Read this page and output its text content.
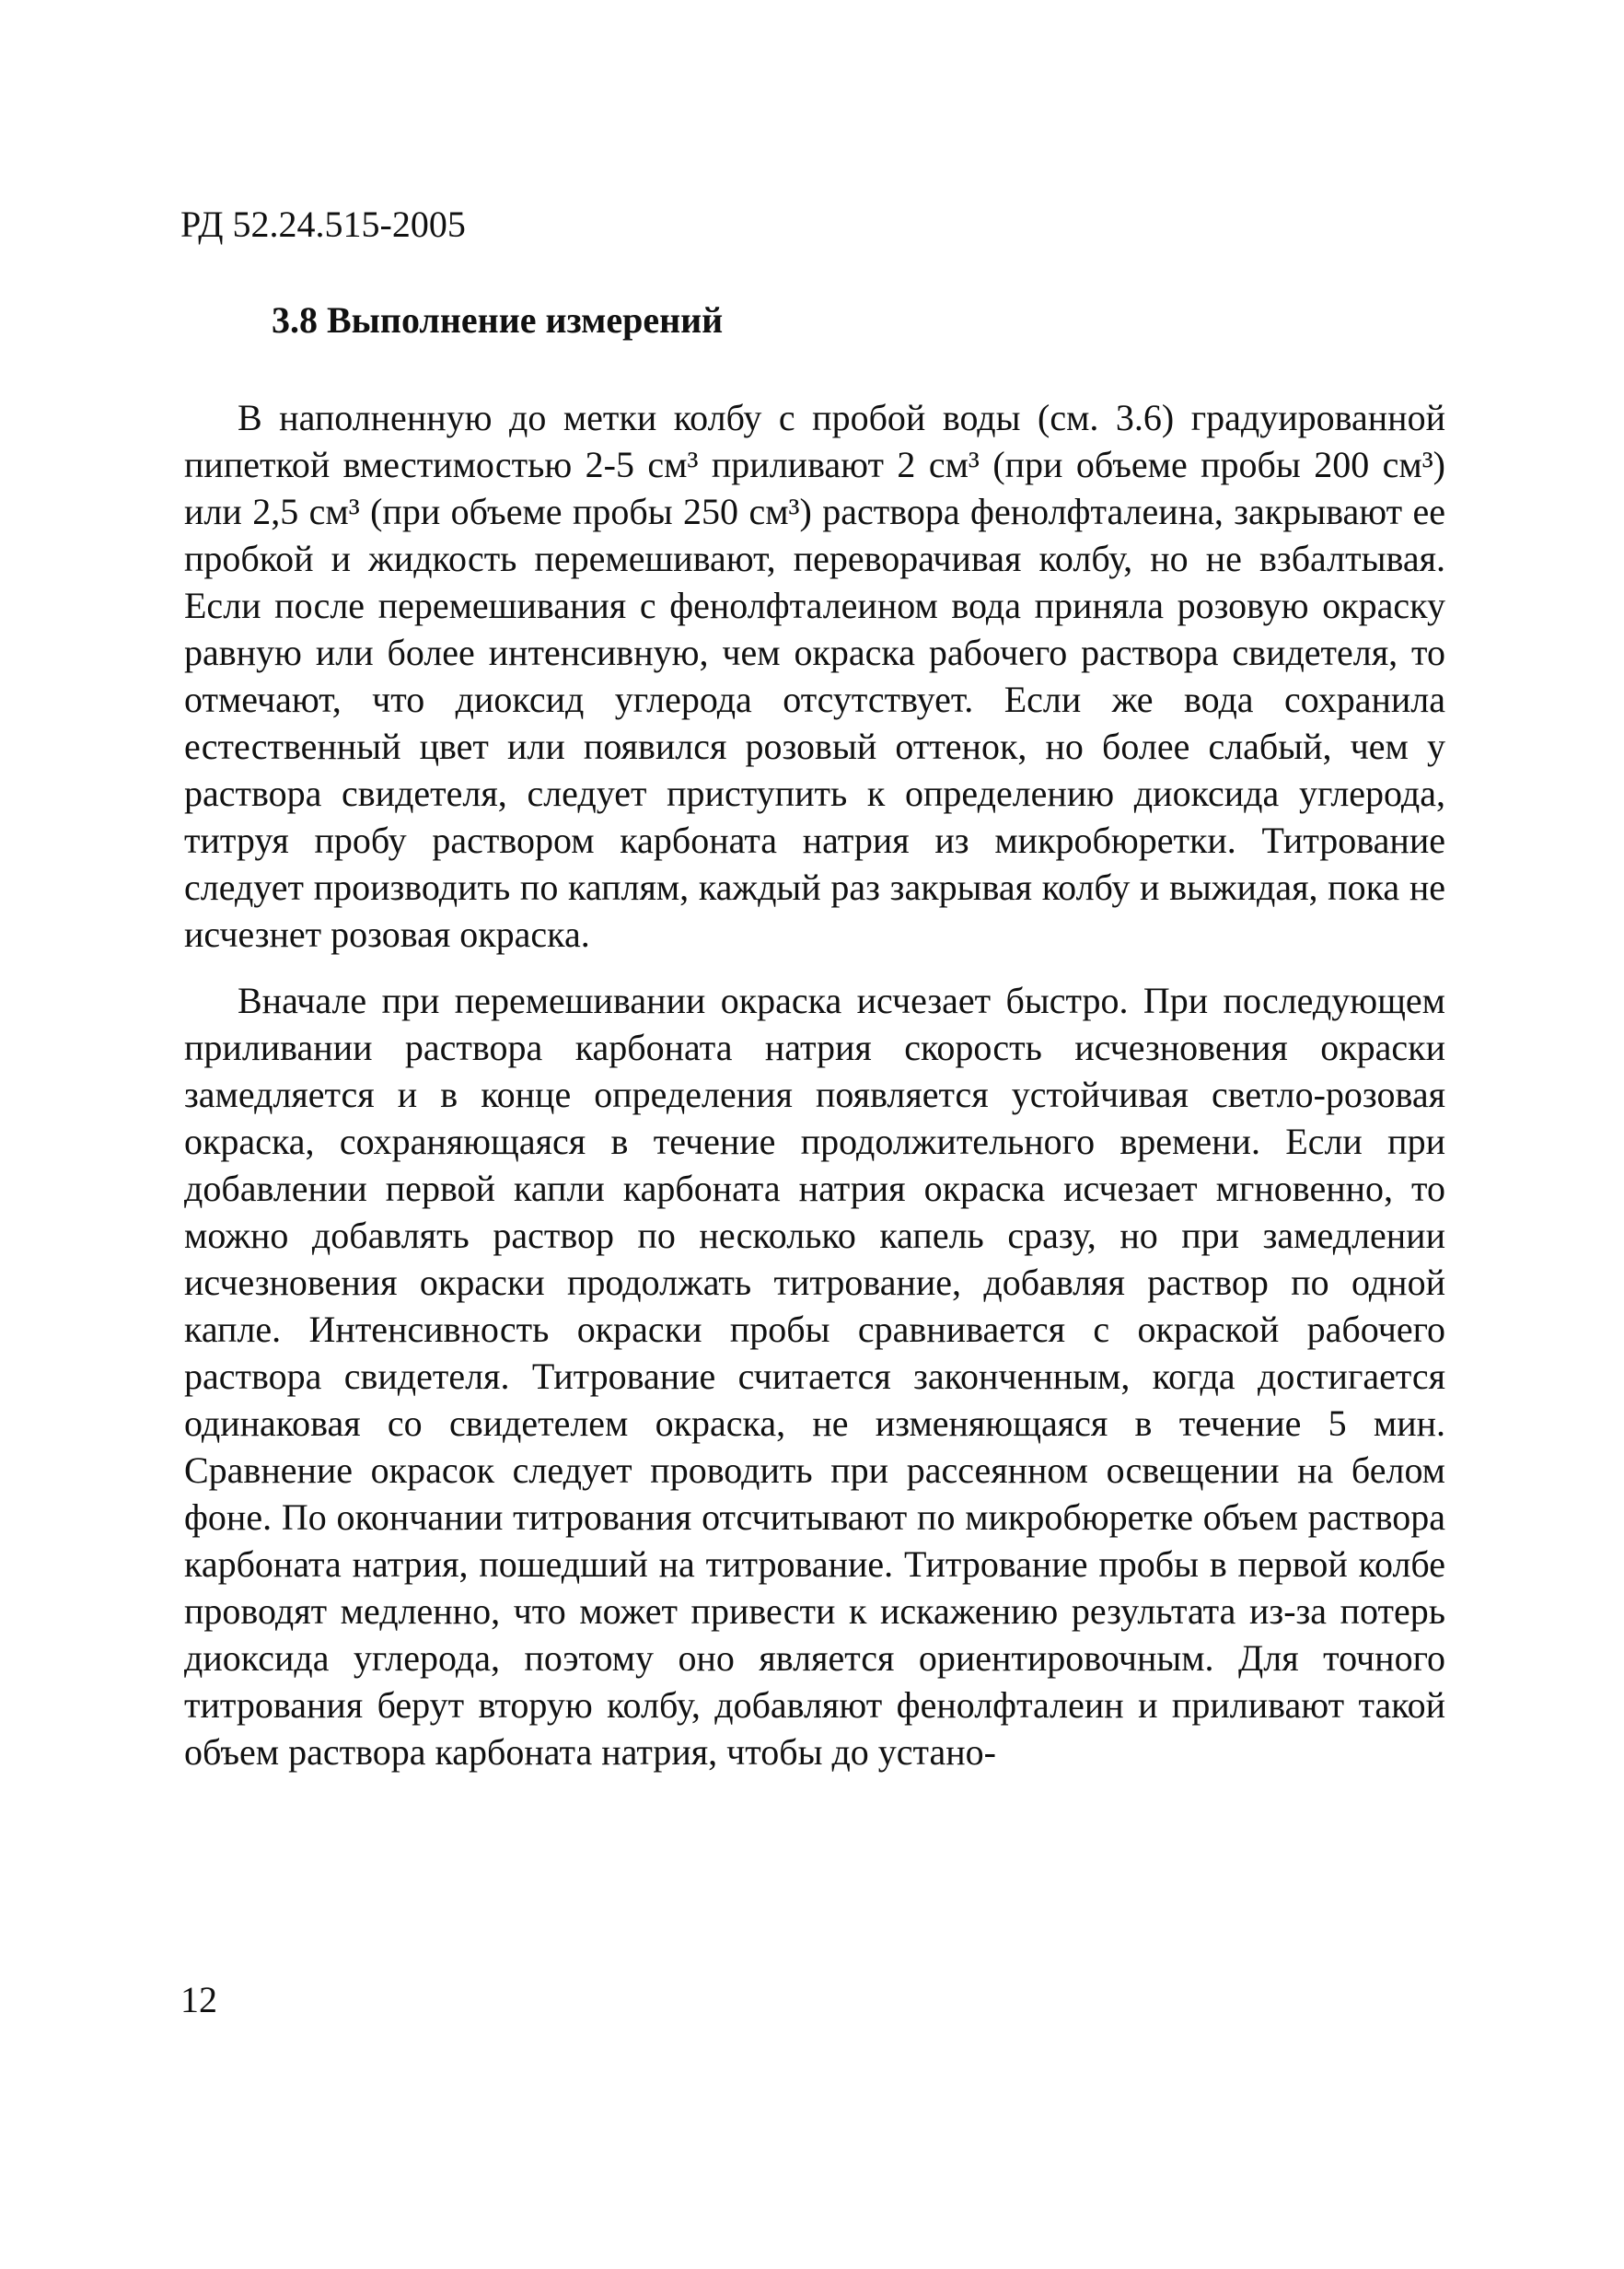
РД 52.24.515-2005
3.8 Выполнение измерений

В наполненную до метки колбу с пробой воды (см. 3.6) градуированной пипеткой вместимостью 2-5 см³ приливают 2 см³ (при объеме пробы 200 см³) или 2,5 см³ (при объеме пробы 250 см³) раствора фенолфталеина, закрывают ее пробкой и жидкость перемешивают, переворачивая колбу, но не взбалтывая. Если после перемешивания с фенолфталеином вода приняла розовую окраску равную или более интенсивную, чем окраска рабочего раствора свидетеля, то отмечают, что диоксид углерода отсутствует. Если же вода сохранила естественный цвет или появился розовый оттенок, но более слабый, чем у раствора свидетеля, следует приступить к определению диоксида углерода, титруя пробу раствором карбоната натрия из микробюретки. Титрование следует производить по каплям, каждый раз закрывая колбу и выжидая, пока не исчезнет розовая окраска.

Вначале при перемешивании окраска исчезает быстро. При последующем приливании раствора карбоната натрия скорость исчезновения окраски замедляется и в конце определения появляется устойчивая светло-розовая окраска, сохраняющаяся в течение продолжительного времени. Если при добавлении первой капли карбоната натрия окраска исчезает мгновенно, то можно добавлять раствор по несколько капель сразу, но при замедлении исчезновения окраски продолжать титрование, добавляя раствор по одной капле. Интенсивность окраски пробы сравнивается с окраской рабочего раствора свидетеля. Титрование считается законченным, когда достигается одинаковая со свидетелем окраска, не изменяющаяся в течение 5 мин. Сравнение окрасок следует проводить при рассеянном освещении на белом фоне. По окончании титрования отсчитывают по микробюретке объем раствора карбоната натрия, пошедший на титрование. Титрование пробы в первой колбе проводят медленно, что может привести к искажению результата из-за потерь диоксида углерода, поэтому оно является ориентировочным. Для точного титрования берут вторую колбу, добавляют фенолфталеин и приливают такой объем раствора карбоната натрия, чтобы до устано-

12
